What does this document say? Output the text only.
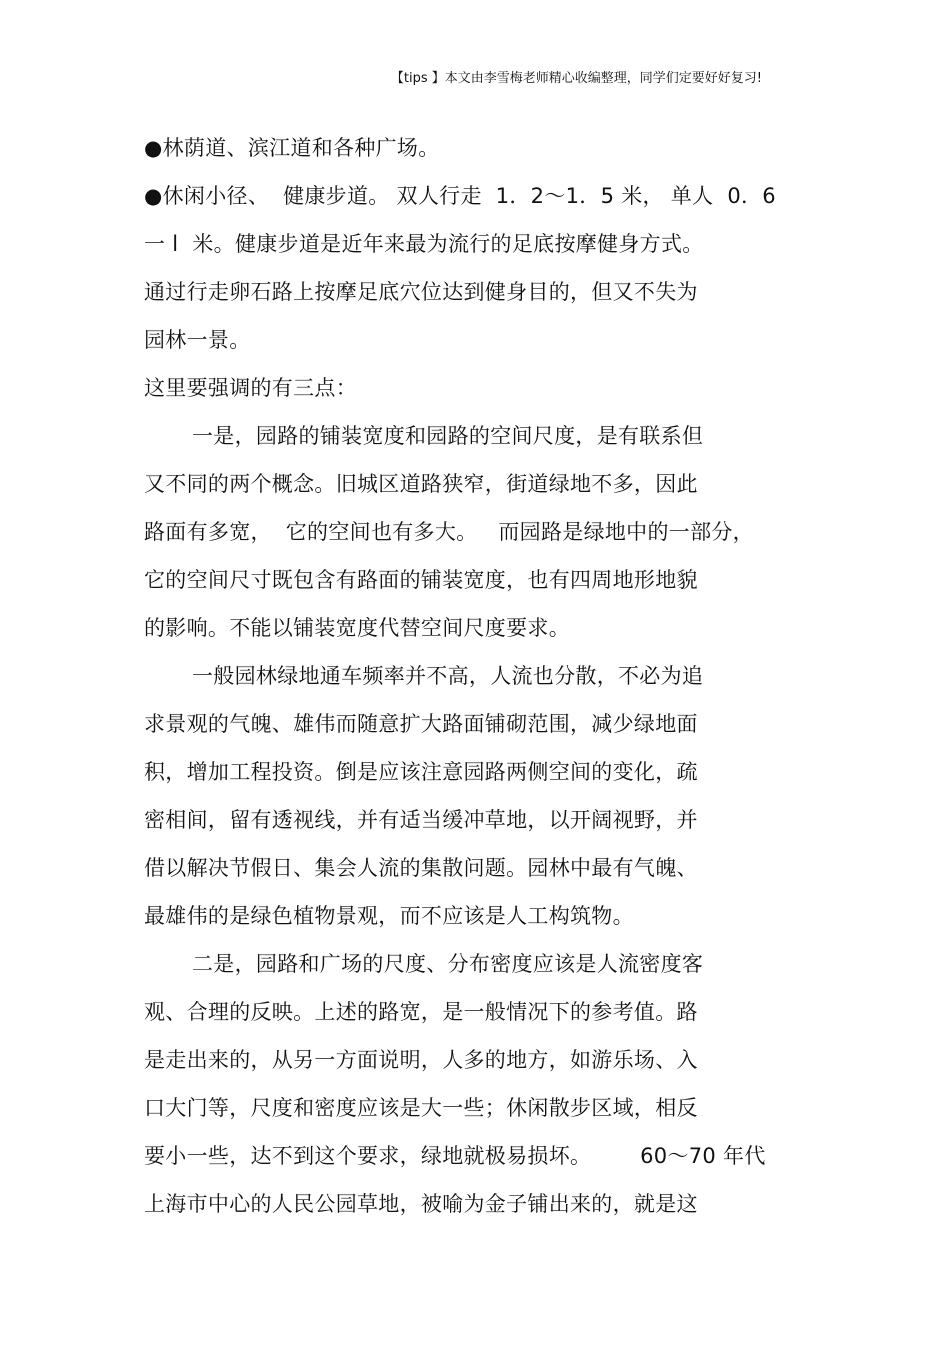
【tips 】本文由李雪梅老师精心收编整理，同学们定要好好复习!
●林荫道、滨江道和各种广场。
●休闲小径、  健康步道。 双人行走  1．2～1．5 米， 单人  0．6
一 l  米。健康步道是近年来最为流行的足底按摩健身方式。
通过行走卵石路上按摩足底穴位达到健身目的，但又不失为
园林一景。
这里要强调的有三点：
一是，园路的铺装宽度和园路的空间尺度，是有联系但
又不同的两个概念。旧城区道路狭窄，街道绿地不多，因此
路面有多宽，  它的空间也有多大。   而园路是绿地中的一部分，
它的空间尺寸既包含有路面的铺装宽度，也有四周地形地貌
的影响。不能以铺装宽度代替空间尺度要求。
一般园林绿地通车频率并不高，人流也分散，不必为追
求景观的气魄、雄伟而随意扩大路面铺砌范围，减少绿地面
积，增加工程投资。倒是应该注意园路两侧空间的变化，疏
密相间，留有透视线，并有适当缓冲草地，以开阔视野，并
借以解决节假日、集会人流的集散问题。园林中最有气魄、
最雄伟的是绿色植物景观，而不应该是人工构筑物。
二是，园路和广场的尺度、分布密度应该是人流密度客
观、合理的反映。上述的路宽，是一般情况下的参考值。路
是走出来的，从另一方面说明，人多的地方，如游乐场、入
口大门等，尺度和密度应该是大一些；休闲散步区域，相反
要小一些，达不到这个要求，绿地就极易损坏。       60～70 年代
上海市中心的人民公园草地，被喻为金子铺出来的，就是这
